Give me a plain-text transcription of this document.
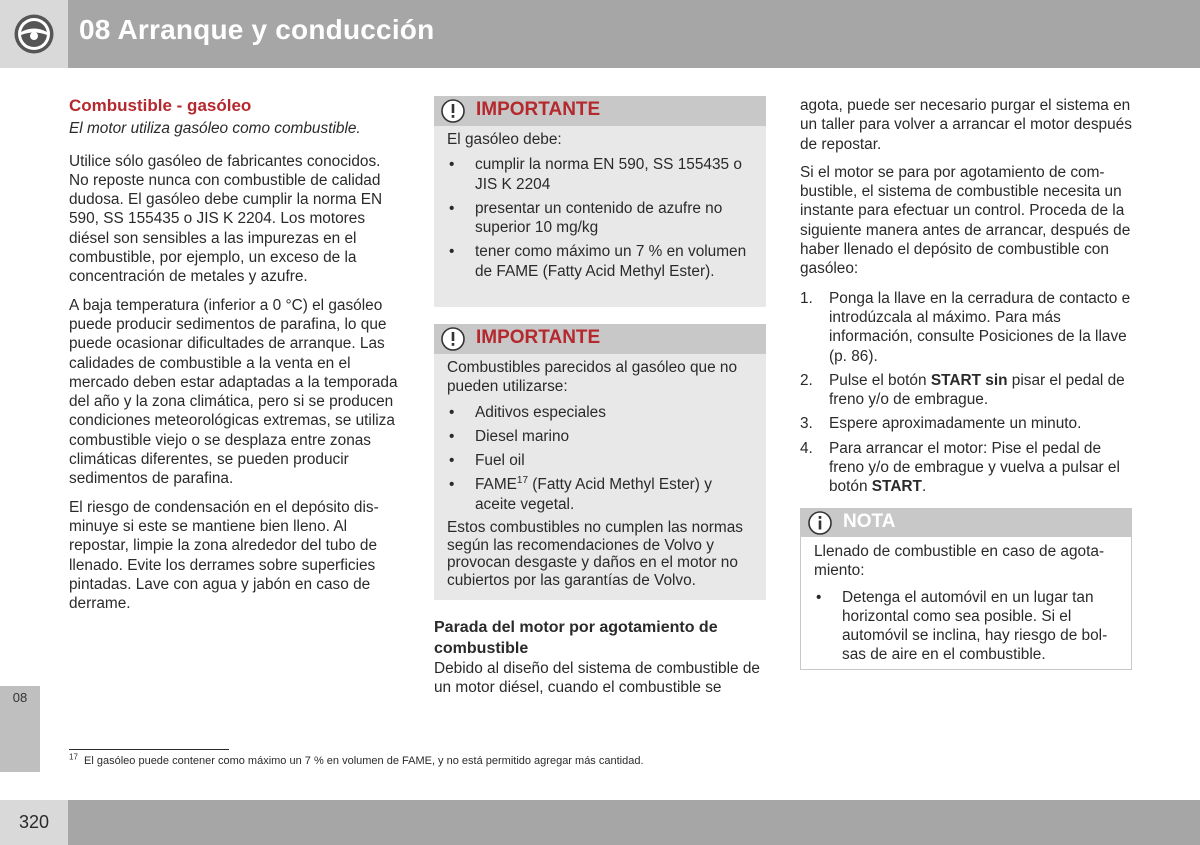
08 Arranque y conducción
08
Combustible - gasóleo
El motor utiliza gasóleo como combustible.

Utilice sólo gasóleo de fabricantes conocidos. No reposte nunca con combustible de calidad dudosa. El gasóleo debe cumplir la norma EN 590, SS 155435 o JIS K 2204. Los motores diésel son sensibles a las impurezas en el combustible, por ejemplo, un exceso de la concentración de metales y azufre.

A baja temperatura (inferior a 0 °C) el gasóleo puede producir sedimentos de parafina, lo que puede ocasionar dificultades de arranque. Las calidades de combustible a la venta en el mercado deben estar adaptadas a la temporada del año y la zona climática, pero si se producen condiciones meteorológicas extremas, se utiliza combustible viejo o se desplaza entre zonas climáticas diferentes, se pueden producir sedimentos de parafina.

El riesgo de condensación en el depósito disminuye si este se mantiene bien lleno. Al repostar, limpie la zona alrededor del tubo de llenado. Evite los derrames sobre superficies pintadas. Lave con agua y jabón en caso de derrame.

IMPORTANTE

El gasóleo debe:

• cumplir la norma EN 590, SS 155435 o JIS K 2204
• presentar un contenido de azufre no superior 10 mg/kg
• tener como máximo un 7 % en volumen de FAME (Fatty Acid Methyl Ester).
IMPORTANTE

Combustibles parecidos al gasóleo que no pueden utilizarse:

• Aditivos especiales
• Diesel marino
• Fuel oil
• FAME$^{17}$ (Fatty Acid Methyl Ester) y aceite vegetal.

Estos combustibles no cumplen las normas según las recomendaciones de Volvo y provocan desgaste y daños en el motor no cubiertos por las garantías de Volvo.

Parada del motor por agotamiento de combustible

Debido al diseño del sistema de combustible de un motor diésel, cuando el combustible se

agota, puede ser necesario purgar el sistema en un taller para volver a arrancar el motor después de repostar.

Si el motor se para por agotamiento de combustible, el sistema de combustible necesita un instante para efectuar un control. Proceda de la siguiente manera antes de arrancar, después de haber llenado el depósito de combustible con gasóleo:

1. Ponga la llave en la cerradura de contacto e introdúzcala al máximo. Para más información, consulte Posiciones de la llave (p. 86).
2. Pulse el botón START sin pisar el pedal de freno y/o de embrague.
3. Espere aproximadamente un minuto.
4. Para arrancar el motor: Pise el pedal de freno y/o de embrague y vuelva a pulsar el botón START.
NOTA

Llenado de combustible en caso de agotamiento:

• Detenga el automóvil en un lugar tan horizontal como sea posible. Si el automóvil se inclina, hay riesgo de bolsas de aire en el combustible.
$^{17}$ El gasóleo puede contener como máximo un 7 % en volumen de FAME, y no está permitido agregar más cantidad.
320
